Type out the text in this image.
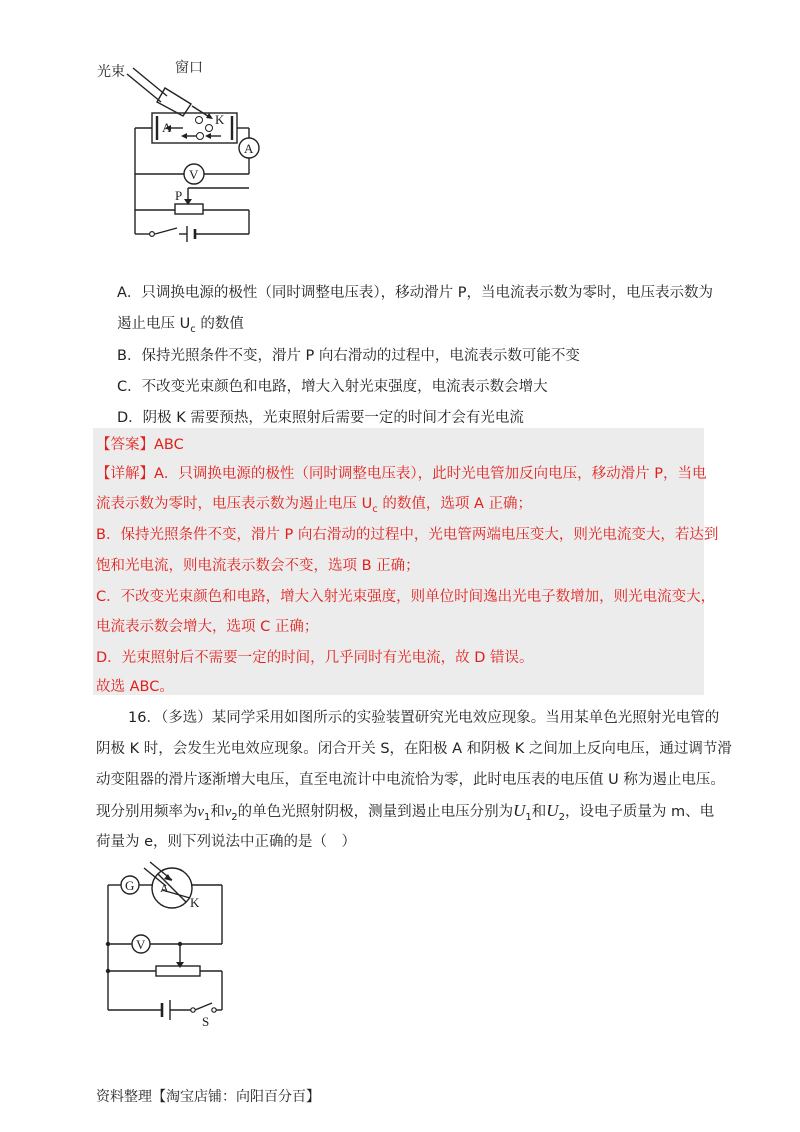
光束	窗口
A
K
P
V
A
A．只调换电源的极性（同时调整电压表），移动滑片 P，当电流表示数为零时，电压表示数为
遏止电压 $U_c$ 的数值
B．保持光照条件不变，滑片 P 向右滑动的过程中，电流表示数可能不变
C．不改变光束颜色和电路，增大入射光束强度，电流表示数会增大
D．阴极 K 需要预热，光束照射后需要一定的时间才会有光电流
【答案】ABC
【详解】A．只调换电源的极性（同时调整电压表），此时光电管加反向电压，移动滑片 P，当电
流表示数为零时，电压表示数为遏止电压 $U_c$ 的数值，选项 A 正确；
B．保持光照条件不变，滑片 P 向右滑动的过程中，光电管两端电压变大，则光电流变大，若达到
饱和光电流，则电流表示数会不变，选项 B 正确；
C．不改变光束颜色和电路，增大入射光束强度，则单位时间逸出光电子数增加，则光电流变大，
电流表示数会增大，选项 C 正确；
D．光束照射后不需要一定的时间，几乎同时有光电流，故 D 错误。
故选 ABC。
16．（多选）某同学采用如图所示的实验装置研究光电效应现象。当用某单色光照射光电管的
阴极 K 时，会发生光电效应现象。闭合开关 S，在阳极 A 和阴极 K 之间加上反向电压，通过调节滑
动变阻器的滑片逐渐增大电压，直至电流计中电流恰为零，此时电压表的电压值 U 称为遏止电压。
现分别用频率为$v_1$和$v_2$的单色光照射阴极，测量到遏止电压分别为$U_1$和$U_2$，设电子质量为 m、电
荷量为 e，则下列说法中正确的是（　）
G A
K
V
S
资料整理【淘宝店铺：向阳百分百】
